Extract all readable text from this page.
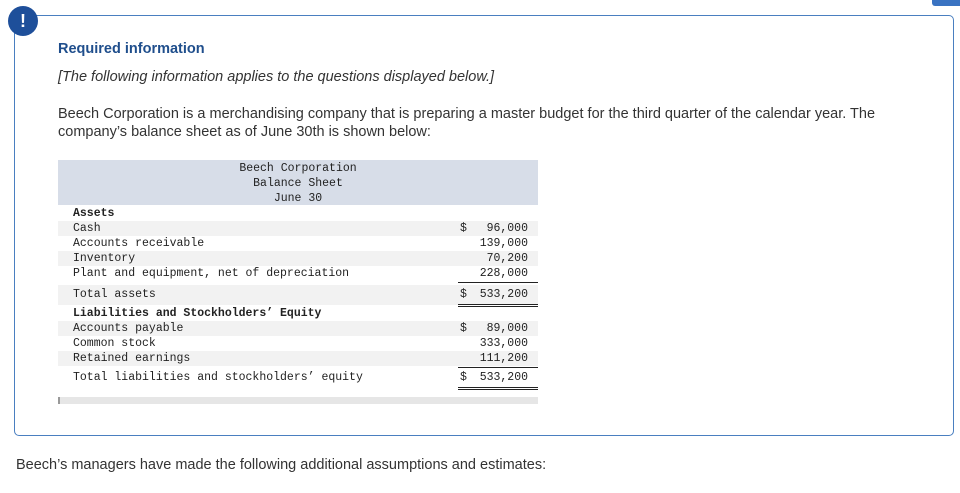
!
Required information
[The following information applies to the questions displayed below.]
Beech Corporation is a merchandising company that is preparing a master budget for the third quarter of the calendar year. The company’s balance sheet as of June 30th is shown below:
Beech Corporation
Balance Sheet
June 30
Assets
Cash	$ 96,000
Accounts receivable	139,000
Inventory	70,200
Plant and equipment, net of depreciation	228,000
Total assets	$ 533,200
Liabilities and Stockholders’ Equity
Accounts payable	$ 89,000
Common stock	333,000
Retained earnings	111,200
Total liabilities and stockholders’ equity	$ 533,200
Beech’s managers have made the following additional assumptions and estimates:
